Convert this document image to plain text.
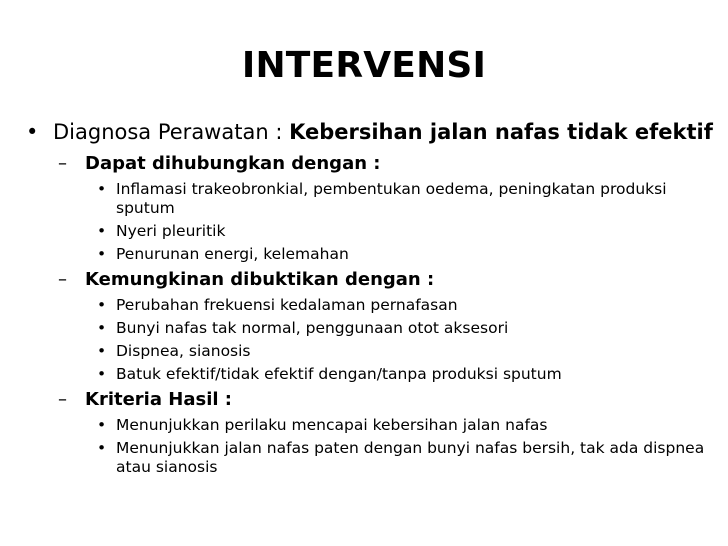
INTERVENSI
• Diagnosa Perawatan : Kebersihan jalan nafas tidak efektif
– Dapat dihubungkan dengan :
• Inflamasi trakeobronkial, pembentukan oedema, peningkatan produksi sputum
• Nyeri pleuritik
• Penurunan energi, kelemahan
– Kemungkinan dibuktikan dengan :
• Perubahan frekuensi kedalaman pernafasan
• Bunyi nafas tak normal, penggunaan otot aksesori
• Dispnea, sianosis
• Batuk efektif/tidak efektif dengan/tanpa produksi sputum
– Kriteria Hasil :
• Menunjukkan perilaku mencapai kebersihan jalan nafas
• Menunjukkan jalan nafas paten dengan bunyi nafas bersih, tak ada dispnea atau sianosis
